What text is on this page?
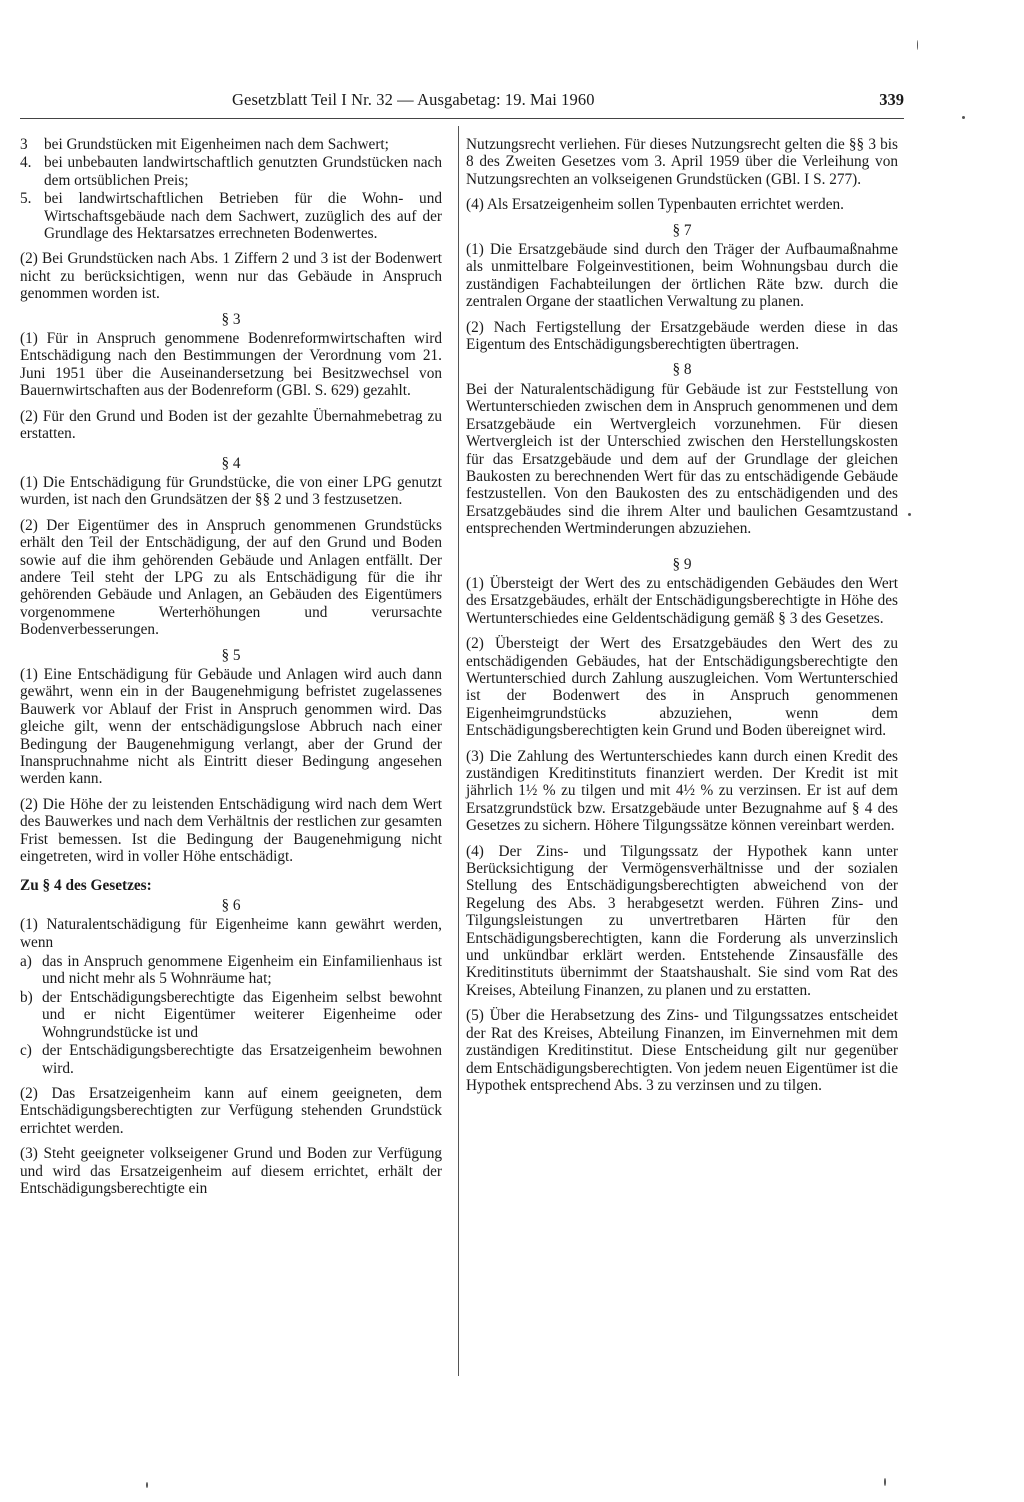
Gesetzblatt Teil I Nr. 32 — Ausgabetag: 19. Mai 1960	339
3 bei Grundstücken mit Eigenheimen nach dem Sachwert;
4. bei unbebauten landwirtschaftlich genutzten Grundstücken nach dem ortsüblichen Preis;
5. bei landwirtschaftlichen Betrieben für die Wohn- und Wirtschaftsgebäude nach dem Sachwert, zuzüglich des auf der Grundlage des Hektarsatzes errechneten Bodenwertes.

(2) Bei Grundstücken nach Abs. 1 Ziffern 2 und 3 ist der Bodenwert nicht zu berücksichtigen, wenn nur das Gebäude in Anspruch genommen worden ist.

§ 3

(1) Für in Anspruch genommene Bodenreformwirtschaften wird Entschädigung nach den Bestimmungen der Verordnung vom 21. Juni 1951 über die Auseinandersetzung bei Besitzwechsel von Bauernwirtschaften aus der Bodenreform (GBl. S. 629) gezahlt.

(2) Für den Grund und Boden ist der gezahlte Übernahmebetrag zu erstatten.

§ 4

(1) Die Entschädigung für Grundstücke, die von einer LPG genutzt wurden, ist nach den Grundsätzen der §§ 2 und 3 festzusetzen.

(2) Der Eigentümer des in Anspruch genommenen Grundstücks erhält den Teil der Entschädigung, der auf den Grund und Boden sowie auf die ihm gehörenden Gebäude und Anlagen entfällt. Der andere Teil steht der LPG zu als Entschädigung für die ihr gehörenden Gebäude und Anlagen, an Gebäuden des Eigentümers vorgenommene Werterhöhungen und verursachte Bodenverbesserungen.

§ 5

(1) Eine Entschädigung für Gebäude und Anlagen wird auch dann gewährt, wenn ein in der Baugenehmigung befristet zugelassenes Bauwerk vor Ablauf der Frist in Anspruch genommen wird. Das gleiche gilt, wenn der entschädigungslose Abbruch nach einer Bedingung der Baugenehmigung verlangt, aber der Grund der Inanspruchnahme nicht als Eintritt dieser Bedingung angesehen werden kann.

(2) Die Höhe der zu leistenden Entschädigung wird nach dem Wert des Bauwerkes und nach dem Verhältnis der restlichen zur gesamten Frist bemessen. Ist die Bedingung der Baugenehmigung nicht eingetreten, wird in voller Höhe entschädigt.

Zu § 4 des Gesetzes:
§ 6

(1) Naturalentschädigung für Eigenheime kann gewährt werden, wenn

a) das in Anspruch genommene Eigenheim ein Einfamilienhaus ist und nicht mehr als 5 Wohnräume hat;
b) der Entschädigungsberechtigte das Eigenheim selbst bewohnt und er nicht Eigentümer weiterer Eigenheime oder Wohngrundstücke ist und
c) der Entschädigungsberechtigte das Ersatzeigenheim bewohnen wird.

(2) Das Ersatzeigenheim kann auf einem geeigneten, dem Entschädigungsberechtigten zur Verfügung stehenden Grundstück errichtet werden.

(3) Steht geeigneter volkseigener Grund und Boden zur Verfügung und wird das Ersatzeigenheim auf diesem errichtet, erhält der Entschädigungsberechtigte ein

Nutzungsrecht verliehen. Für dieses Nutzungsrecht gelten die §§ 3 bis 8 des Zweiten Gesetzes vom 3. April 1959 über die Verleihung von Nutzungsrechten an volkseigenen Grundstücken (GBl. I S. 277).

(4) Als Ersatzeigenheim sollen Typenbauten errichtet werden.

§ 7

(1) Die Ersatzgebäude sind durch den Träger der Aufbaumaßnahme als unmittelbare Folgeinvestitionen, beim Wohnungsbau durch die zuständigen Fachabteilungen der örtlichen Räte bzw. durch die zentralen Organe der staatlichen Verwaltung zu planen.

(2) Nach Fertigstellung der Ersatzgebäude werden diese in das Eigentum des Entschädigungsberechtigten übertragen.

§ 8

Bei der Naturalentschädigung für Gebäude ist zur Feststellung von Wertunterschieden zwischen dem in Anspruch genommenen und dem Ersatzgebäude ein Wertvergleich vorzunehmen. Für diesen Wertvergleich ist der Unterschied zwischen den Herstellungskosten für das Ersatzgebäude und dem auf der Grundlage der gleichen Baukosten zu berechnenden Wert für das zu entschädigende Gebäude festzustellen. Von den Baukosten des zu entschädigenden und des Ersatzgebäudes sind die ihrem Alter und baulichen Gesamtzustand entsprechenden Wertminderungen abzuziehen.

§ 9

(1) Übersteigt der Wert des zu entschädigenden Gebäudes den Wert des Ersatzgebäudes, erhält der Entschädigungsberechtigte in Höhe des Wertunterschiedes eine Geldentschädigung gemäß § 3 des Gesetzes.

(2) Übersteigt der Wert des Ersatzgebäudes den Wert des zu entschädigenden Gebäudes, hat der Entschädigungsberechtigte den Wertunterschied durch Zahlung auszugleichen. Vom Wertunterschied ist der Bodenwert des in Anspruch genommenen Eigenheimgrundstücks abzuziehen, wenn dem Entschädigungsberechtigten kein Grund und Boden übereignet wird.

(3) Die Zahlung des Wertunterschiedes kann durch einen Kredit des zuständigen Kreditinstituts finanziert werden. Der Kredit ist mit jährlich 1½ % zu tilgen und mit 4½ % zu verzinsen. Er ist auf dem Ersatzgrundstück bzw. Ersatzgebäude unter Bezugnahme auf § 4 des Gesetzes zu sichern. Höhere Tilgungssätze können vereinbart werden.

(4) Der Zins- und Tilgungssatz der Hypothek kann unter Berücksichtigung der Vermögensverhältnisse und der sozialen Stellung des Entschädigungsberechtigten abweichend von der Regelung des Abs. 3 herabgesetzt werden. Führen Zins- und Tilgungsleistungen zu unvertretbaren Härten für den Entschädigungsberechtigten, kann die Forderung als unverzinslich und unkündbar erklärt werden. Entstehende Zinsausfälle des Kreditinstituts übernimmt der Staatshaushalt. Sie sind vom Rat des Kreises, Abteilung Finanzen, zu planen und zu erstatten.

(5) Über die Herabsetzung des Zins- und Tilgungssatzes entscheidet der Rat des Kreises, Abteilung Finanzen, im Einvernehmen mit dem zuständigen Kreditinstitut. Diese Entscheidung gilt nur gegenüber dem Entschädigungsberechtigten. Von jedem neuen Eigentümer ist die Hypothek entsprechend Abs. 3 zu verzinsen und zu tilgen.
